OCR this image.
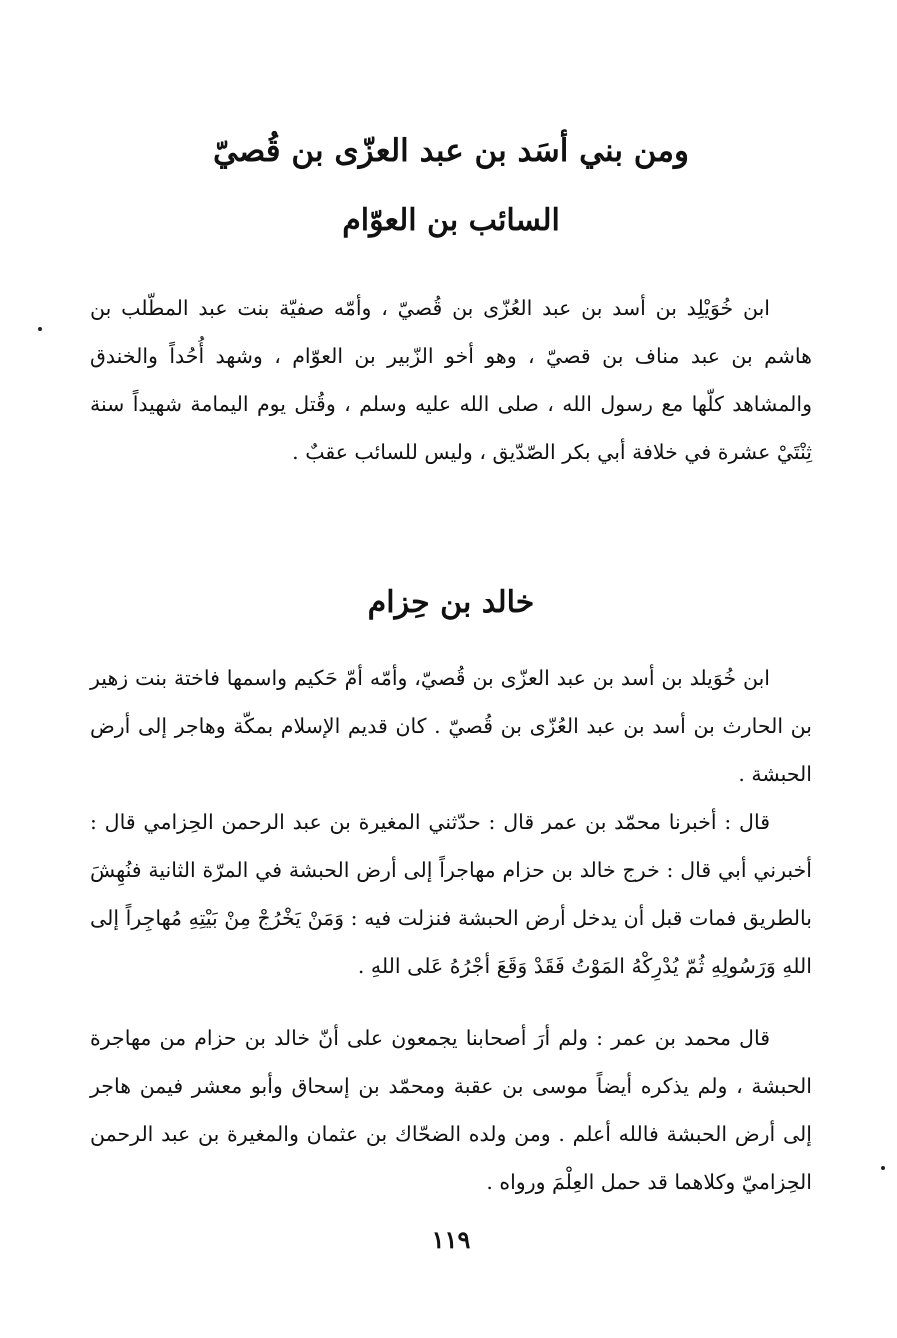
ومن بني أسَد بن عبد العزّى بن قُصيّ
السائب بن العوّام

ابن خُوَيْلِد بن أسد بن عبد العُزّى بن قُصيّ ، وأمّه صفيّة بنت عبد المطّلب بن هاشم بن عبد مناف بن قصيّ ، وهو أخو الزّبير بن العوّام ، وشهد أُحُداً والخندق والمشاهد كلّها مع رسول الله ، صلى الله عليه وسلم ، وقُتل يوم اليمامة شهيداً سنة ثِنْتَيْ عشرة في خلافة أبي بكر الصّدّيق ، وليس للسائب عقبٌ .

خالد بن حِزام

ابن خُوَيلد بن أسد بن عبد العزّى بن قُصيّ، وأمّه أمّ حَكيم واسمها فاختة بنت زهير بن الحارث بن أسد بن عبد العُزّى بن قُصيّ . كان قديم الإسلام بمكّة وهاجر إلى أرض الحبشة .

قال : أخبرنا محمّد بن عمر قال : حدّثني المغيرة بن عبد الرحمن الحِزامي قال : أخبرني أبي قال : خرج خالد بن حزام مهاجراً إلى أرض الحبشة في المرّة الثانية فنُهِشَ بالطريق فمات قبل أن يدخل أرض الحبشة فنزلت فيه : وَمَنْ يَخْرُجْ مِنْ بَيْتِهِ مُهاجِراً إلى اللهِ وَرَسُولِهِ ثُمّ يُدْرِكْهُ المَوْتُ فَقَدْ وَقَعَ أجْرُهُ عَلى اللهِ .

قال محمد بن عمر : ولم أرَ أصحابنا يجمعون على أنّ خالد بن حزام من مهاجرة الحبشة ، ولم يذكره أيضاً موسى بن عقبة ومحمّد بن إسحاق وأبو معشر فيمن هاجر إلى أرض الحبشة فالله أعلم . ومن ولده الضحّاك بن عثمان والمغيرة بن عبد الرحمن الحِزاميّ وكلاهما قد حمل العِلْمَ ورواه .

١١٩
